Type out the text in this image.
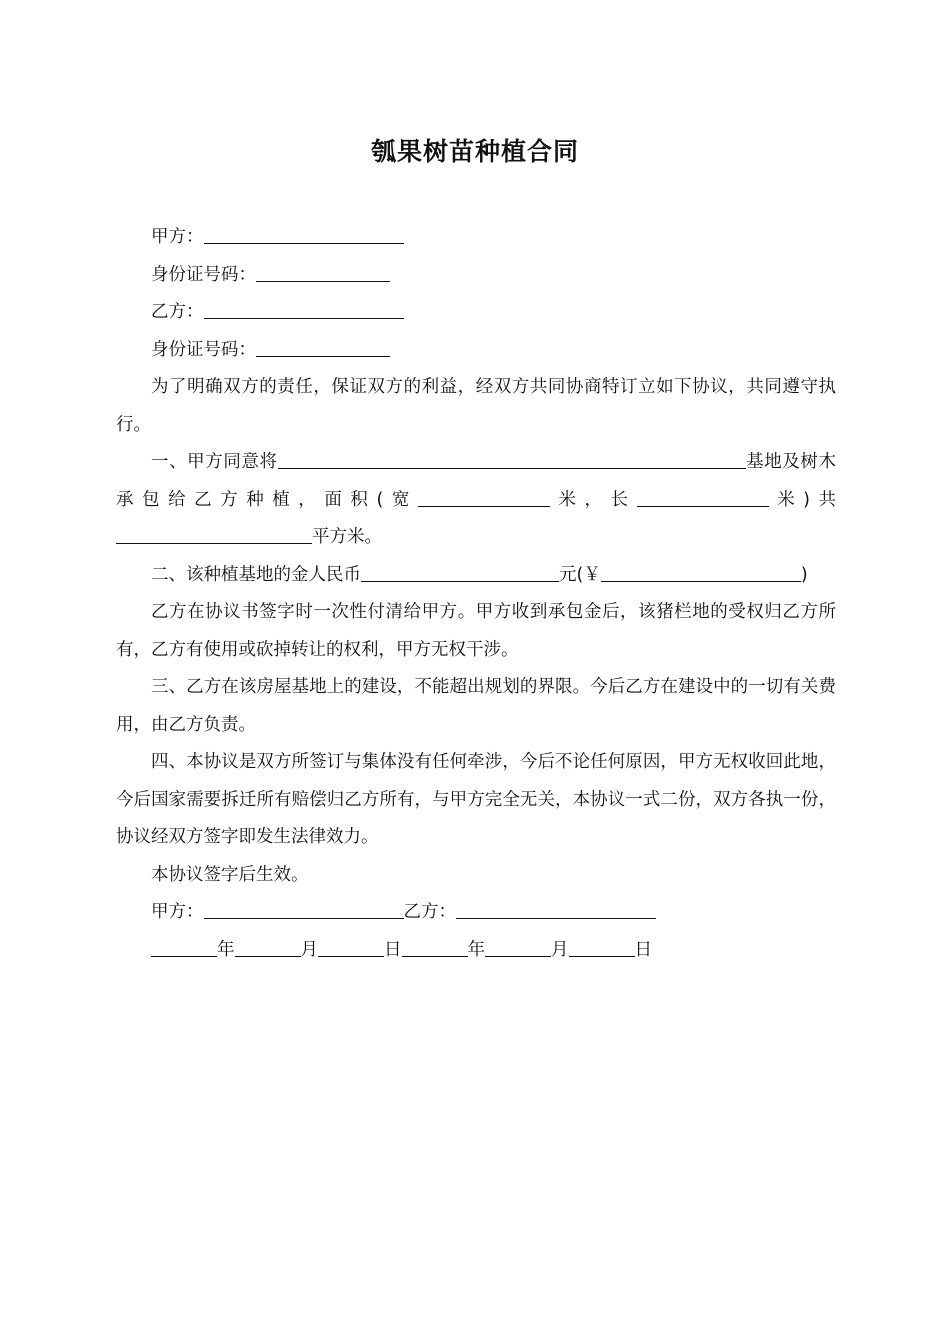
瓠果树苗种植合同

甲方：

身份证号码：

乙方：

身份证号码：

为了明确双方的责任，保证双方的利益，经双方共同协商特订立如下协议，共同遵守执行。

一、甲方同意将	基地及树木承包给乙方种植，面积(宽	米，长	米)共平方米。

二、该种植基地的金人民币	元(￥	)

乙方在协议书签字时一次性付清给甲方。甲方收到承包金后，该猪栏地的受权归乙方所有，乙方有使用或砍掉转让的权利，甲方无权干涉。

三、乙方在该房屋基地上的建设，不能超出规划的界限。今后乙方在建设中的一切有关费用，由乙方负责。

四、本协议是双方所签订与集体没有任何牵涉，今后不论任何原因，甲方无权收回此地，今后国家需要拆迁所有赔偿归乙方所有，与甲方完全无关，本协议一式二份，双方各执一份，协议经双方签字即发生法律效力。

本协议签字后生效。

甲方：	乙方：

年	月	日	年	月	日
